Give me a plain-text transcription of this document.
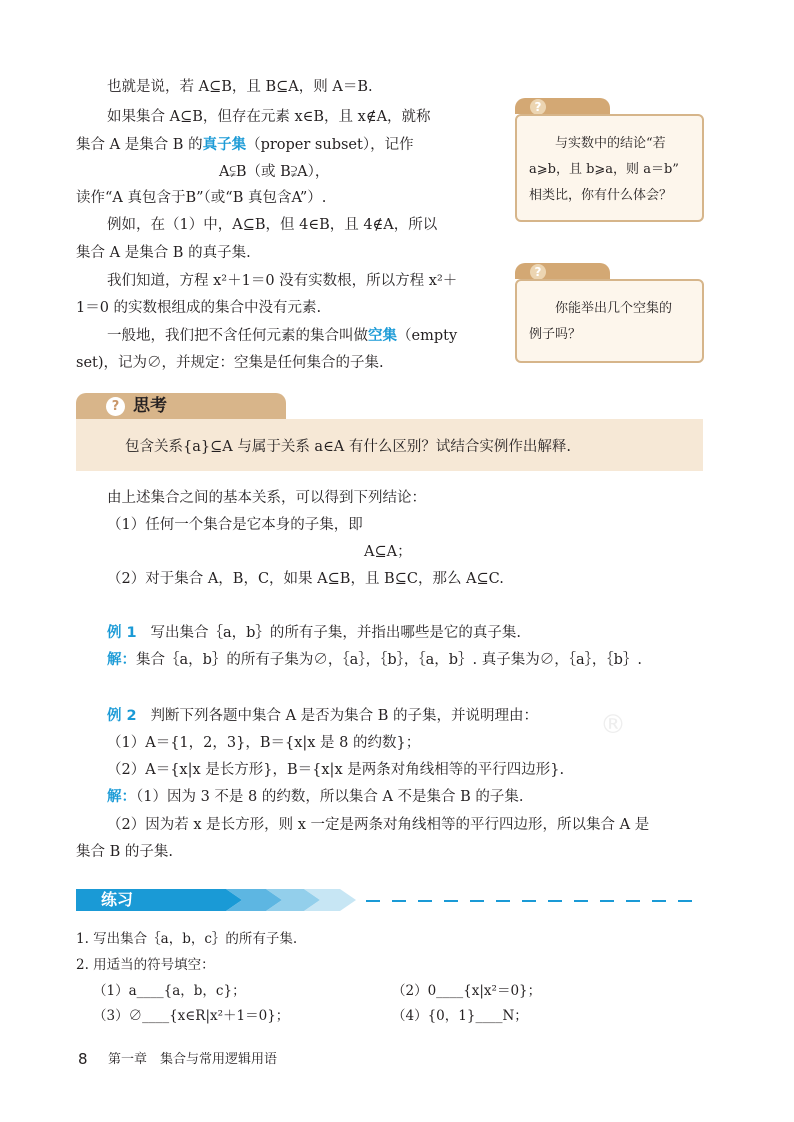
也就是说，若 A⊆B，且 B⊆A，则 A＝B.
如果集合 A⊆B，但存在元素 x∈B，且 x∉A，就称
集合 A 是集合 B 的真子集（proper subset），记作
A⫋B（或 B⫌A），
读作“A 真包含于B”（或“B 真包含A”）.
例如，在（1）中，A⊆B，但 4∈B，且 4∉A，所以
集合 A 是集合 B 的真子集.
我们知道，方程 x²＋1＝0 没有实数根，所以方程 x²＋
1＝0 的实数根组成的集合中没有元素.
一般地，我们把不含任何元素的集合叫做空集（empty
set)，记为∅，并规定：空集是任何集合的子集.
?
与实数中的结论“若
a⩾b，且 b⩾a，则 a＝b”
相类比，你有什么体会？
?
你能举出几个空集的
例子吗？
? 思考
包含关系{a}⊆A 与属于关系 a∈A 有什么区别？试结合实例作出解释.
由上述集合之间的基本关系，可以得到下列结论：
（1）任何一个集合是它本身的子集，即
A⊆A；
（2）对于集合 A，B，C，如果 A⊆B，且 B⊆C，那么 A⊆C.
例 1 写出集合｛a，b｝的所有子集，并指出哪些是它的真子集.
解：集合｛a，b｝的所有子集为∅，｛a｝，｛b｝，｛a，b｝. 真子集为∅，｛a｝，｛b｝.
®
例 2 判断下列各题中集合 A 是否为集合 B 的子集，并说明理由：
（1）A＝{1，2，3}，B＝{x|x 是 8 的约数}；
（2）A＝{x|x 是长方形}，B＝{x|x 是两条对角线相等的平行四边形}.
解：（1）因为 3 不是 8 的约数，所以集合 A 不是集合 B 的子集.
（2）因为若 x 是长方形，则 x 一定是两条对角线相等的平行四边形，所以集合 A 是
集合 B 的子集.
练习
1. 写出集合｛a，b，c｝的所有子集.
2. 用适当的符号填空：
（1）a____{a，b，c}；	（2）0____{x|x²＝0}；
（3）∅____{x∈R|x²＋1＝0}；	（4）{0，1}____N；
8 第一章　集合与常用逻辑用语
